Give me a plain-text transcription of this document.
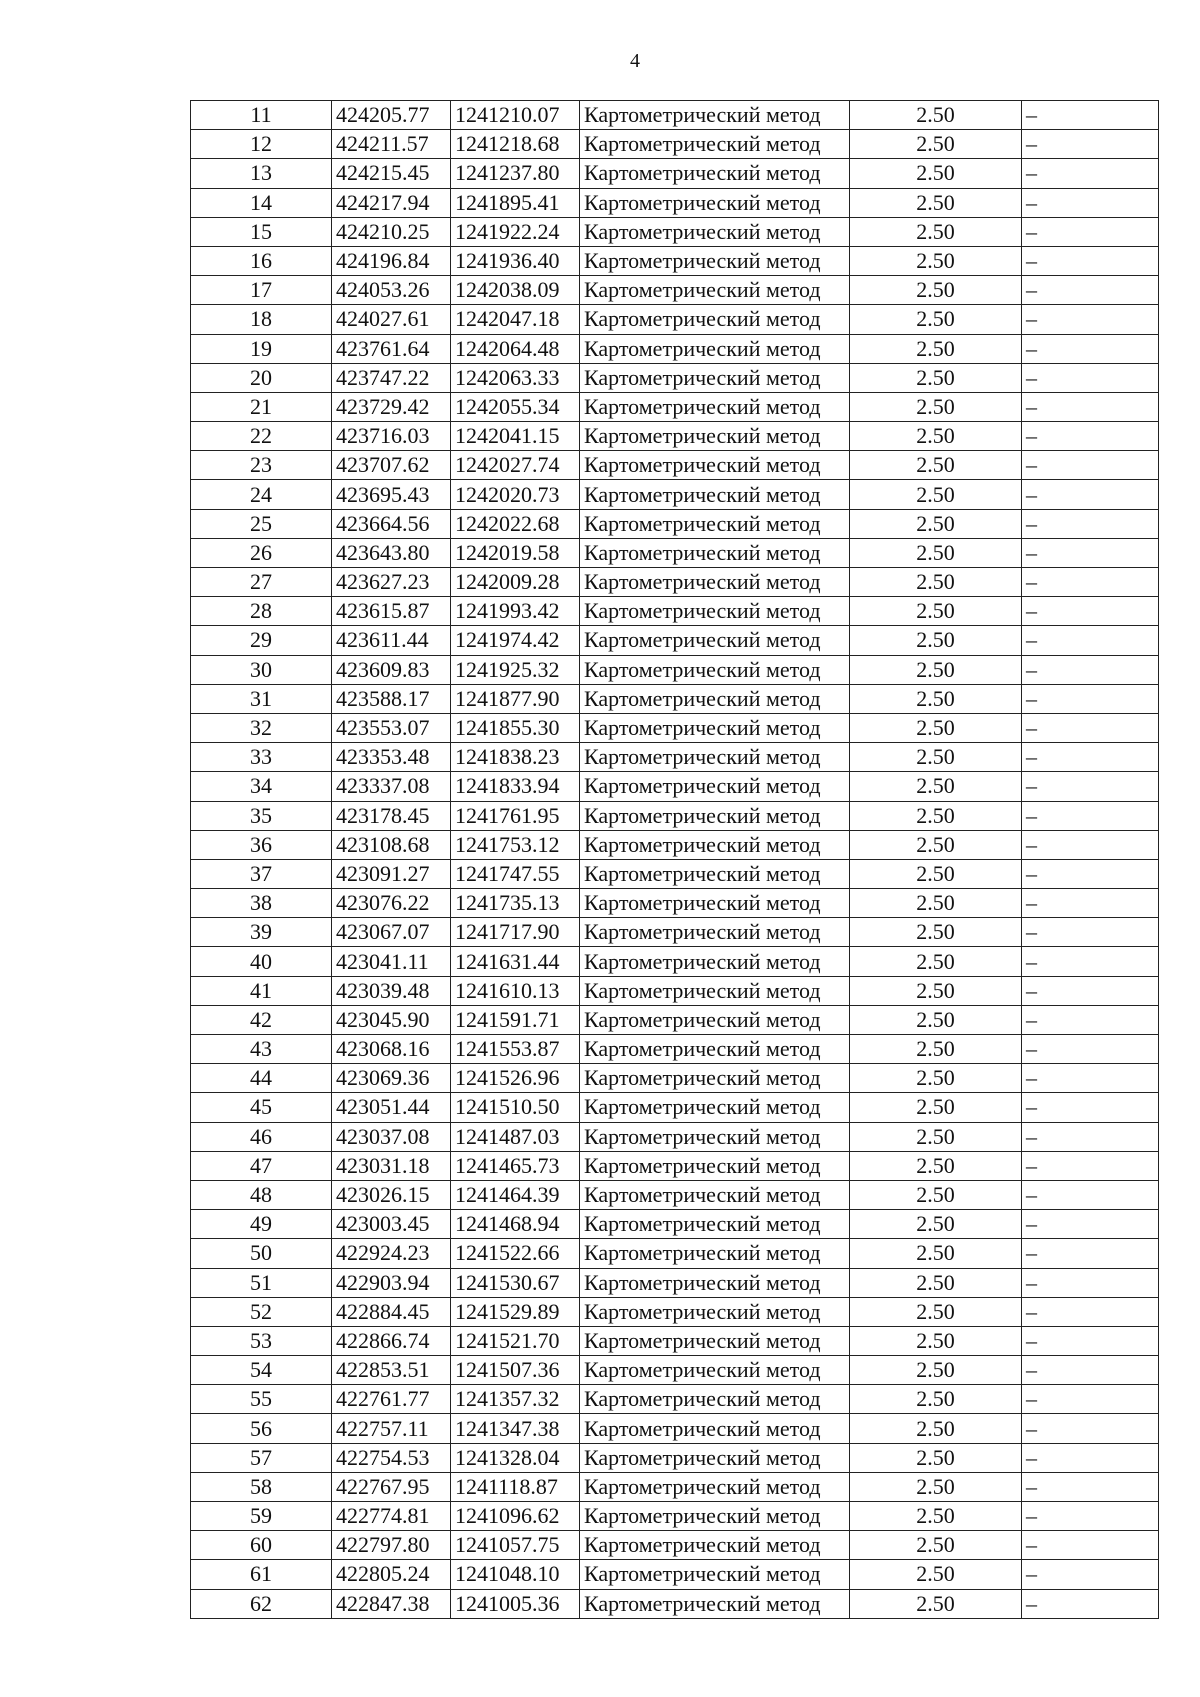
4
11	424205.77	1241210.07	Картометрический метод	2.50	–
12	424211.57	1241218.68	Картометрический метод	2.50	–
13	424215.45	1241237.80	Картометрический метод	2.50	–
14	424217.94	1241895.41	Картометрический метод	2.50	–
15	424210.25	1241922.24	Картометрический метод	2.50	–
16	424196.84	1241936.40	Картометрический метод	2.50	–
17	424053.26	1242038.09	Картометрический метод	2.50	–
18	424027.61	1242047.18	Картометрический метод	2.50	–
19	423761.64	1242064.48	Картометрический метод	2.50	–
20	423747.22	1242063.33	Картометрический метод	2.50	–
21	423729.42	1242055.34	Картометрический метод	2.50	–
22	423716.03	1242041.15	Картометрический метод	2.50	–
23	423707.62	1242027.74	Картометрический метод	2.50	–
24	423695.43	1242020.73	Картометрический метод	2.50	–
25	423664.56	1242022.68	Картометрический метод	2.50	–
26	423643.80	1242019.58	Картометрический метод	2.50	–
27	423627.23	1242009.28	Картометрический метод	2.50	–
28	423615.87	1241993.42	Картометрический метод	2.50	–
29	423611.44	1241974.42	Картометрический метод	2.50	–
30	423609.83	1241925.32	Картометрический метод	2.50	–
31	423588.17	1241877.90	Картометрический метод	2.50	–
32	423553.07	1241855.30	Картометрический метод	2.50	–
33	423353.48	1241838.23	Картометрический метод	2.50	–
34	423337.08	1241833.94	Картометрический метод	2.50	–
35	423178.45	1241761.95	Картометрический метод	2.50	–
36	423108.68	1241753.12	Картометрический метод	2.50	–
37	423091.27	1241747.55	Картометрический метод	2.50	–
38	423076.22	1241735.13	Картометрический метод	2.50	–
39	423067.07	1241717.90	Картометрический метод	2.50	–
40	423041.11	1241631.44	Картометрический метод	2.50	–
41	423039.48	1241610.13	Картометрический метод	2.50	–
42	423045.90	1241591.71	Картометрический метод	2.50	–
43	423068.16	1241553.87	Картометрический метод	2.50	–
44	423069.36	1241526.96	Картометрический метод	2.50	–
45	423051.44	1241510.50	Картометрический метод	2.50	–
46	423037.08	1241487.03	Картометрический метод	2.50	–
47	423031.18	1241465.73	Картометрический метод	2.50	–
48	423026.15	1241464.39	Картометрический метод	2.50	–
49	423003.45	1241468.94	Картометрический метод	2.50	–
50	422924.23	1241522.66	Картометрический метод	2.50	–
51	422903.94	1241530.67	Картометрический метод	2.50	–
52	422884.45	1241529.89	Картометрический метод	2.50	–
53	422866.74	1241521.70	Картометрический метод	2.50	–
54	422853.51	1241507.36	Картометрический метод	2.50	–
55	422761.77	1241357.32	Картометрический метод	2.50	–
56	422757.11	1241347.38	Картометрический метод	2.50	–
57	422754.53	1241328.04	Картометрический метод	2.50	–
58	422767.95	1241118.87	Картометрический метод	2.50	–
59	422774.81	1241096.62	Картометрический метод	2.50	–
60	422797.80	1241057.75	Картометрический метод	2.50	–
61	422805.24	1241048.10	Картометрический метод	2.50	–
62	422847.38	1241005.36	Картометрический метод	2.50	–
